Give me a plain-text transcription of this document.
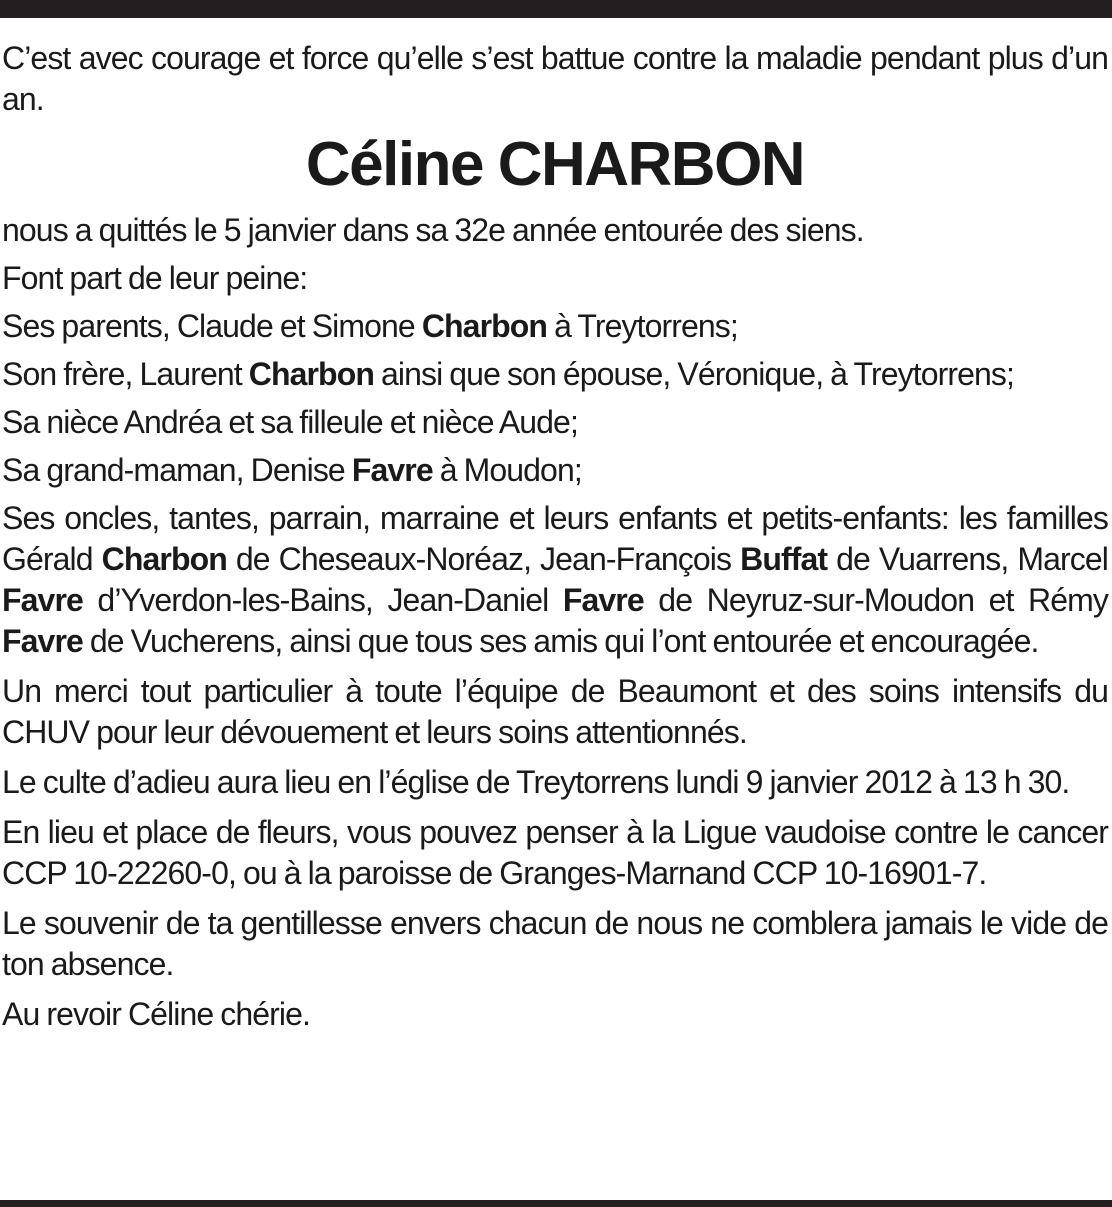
C’est avec courage et force qu’elle s’est battue contre la maladie pendant plus d’un an.

Céline CHARBON

nous a quittés le 5 janvier dans sa 32e année entourée des siens.

Font part de leur peine:

Ses parents, Claude et Simone Charbon à Treytorrens;

Son frère, Laurent Charbon ainsi que son épouse, Véronique, à Treytorrens;

Sa nièce Andréa et sa filleule et nièce Aude;

Sa grand-maman, Denise Favre à Moudon;

Ses oncles, tantes, parrain, marraine et leurs enfants et petits-enfants: les familles Gérald Charbon de Cheseaux-Noréaz, Jean-François Buffat de Vuarrens, Marcel Favre d’Yverdon-les-Bains, Jean-Daniel Favre de Neyruz-sur-Moudon et Rémy Favre de Vucherens, ainsi que tous ses amis qui l’ont entourée et encouragée.

Un merci tout particulier à toute l’équipe de Beaumont et des soins intensifs du CHUV pour leur dévouement et leurs soins attentionnés.

Le culte d’adieu aura lieu en l’église de Treytorrens lundi 9 janvier 2012 à 13 h 30.

En lieu et place de fleurs, vous pouvez penser à la Ligue vaudoise contre le cancer CCP 10-22260-0, ou à la paroisse de Granges-Marnand CCP 10-16901-7.

Le souvenir de ta gentillesse envers chacun de nous ne comblera jamais le vide de ton absence.

Au revoir Céline chérie.
